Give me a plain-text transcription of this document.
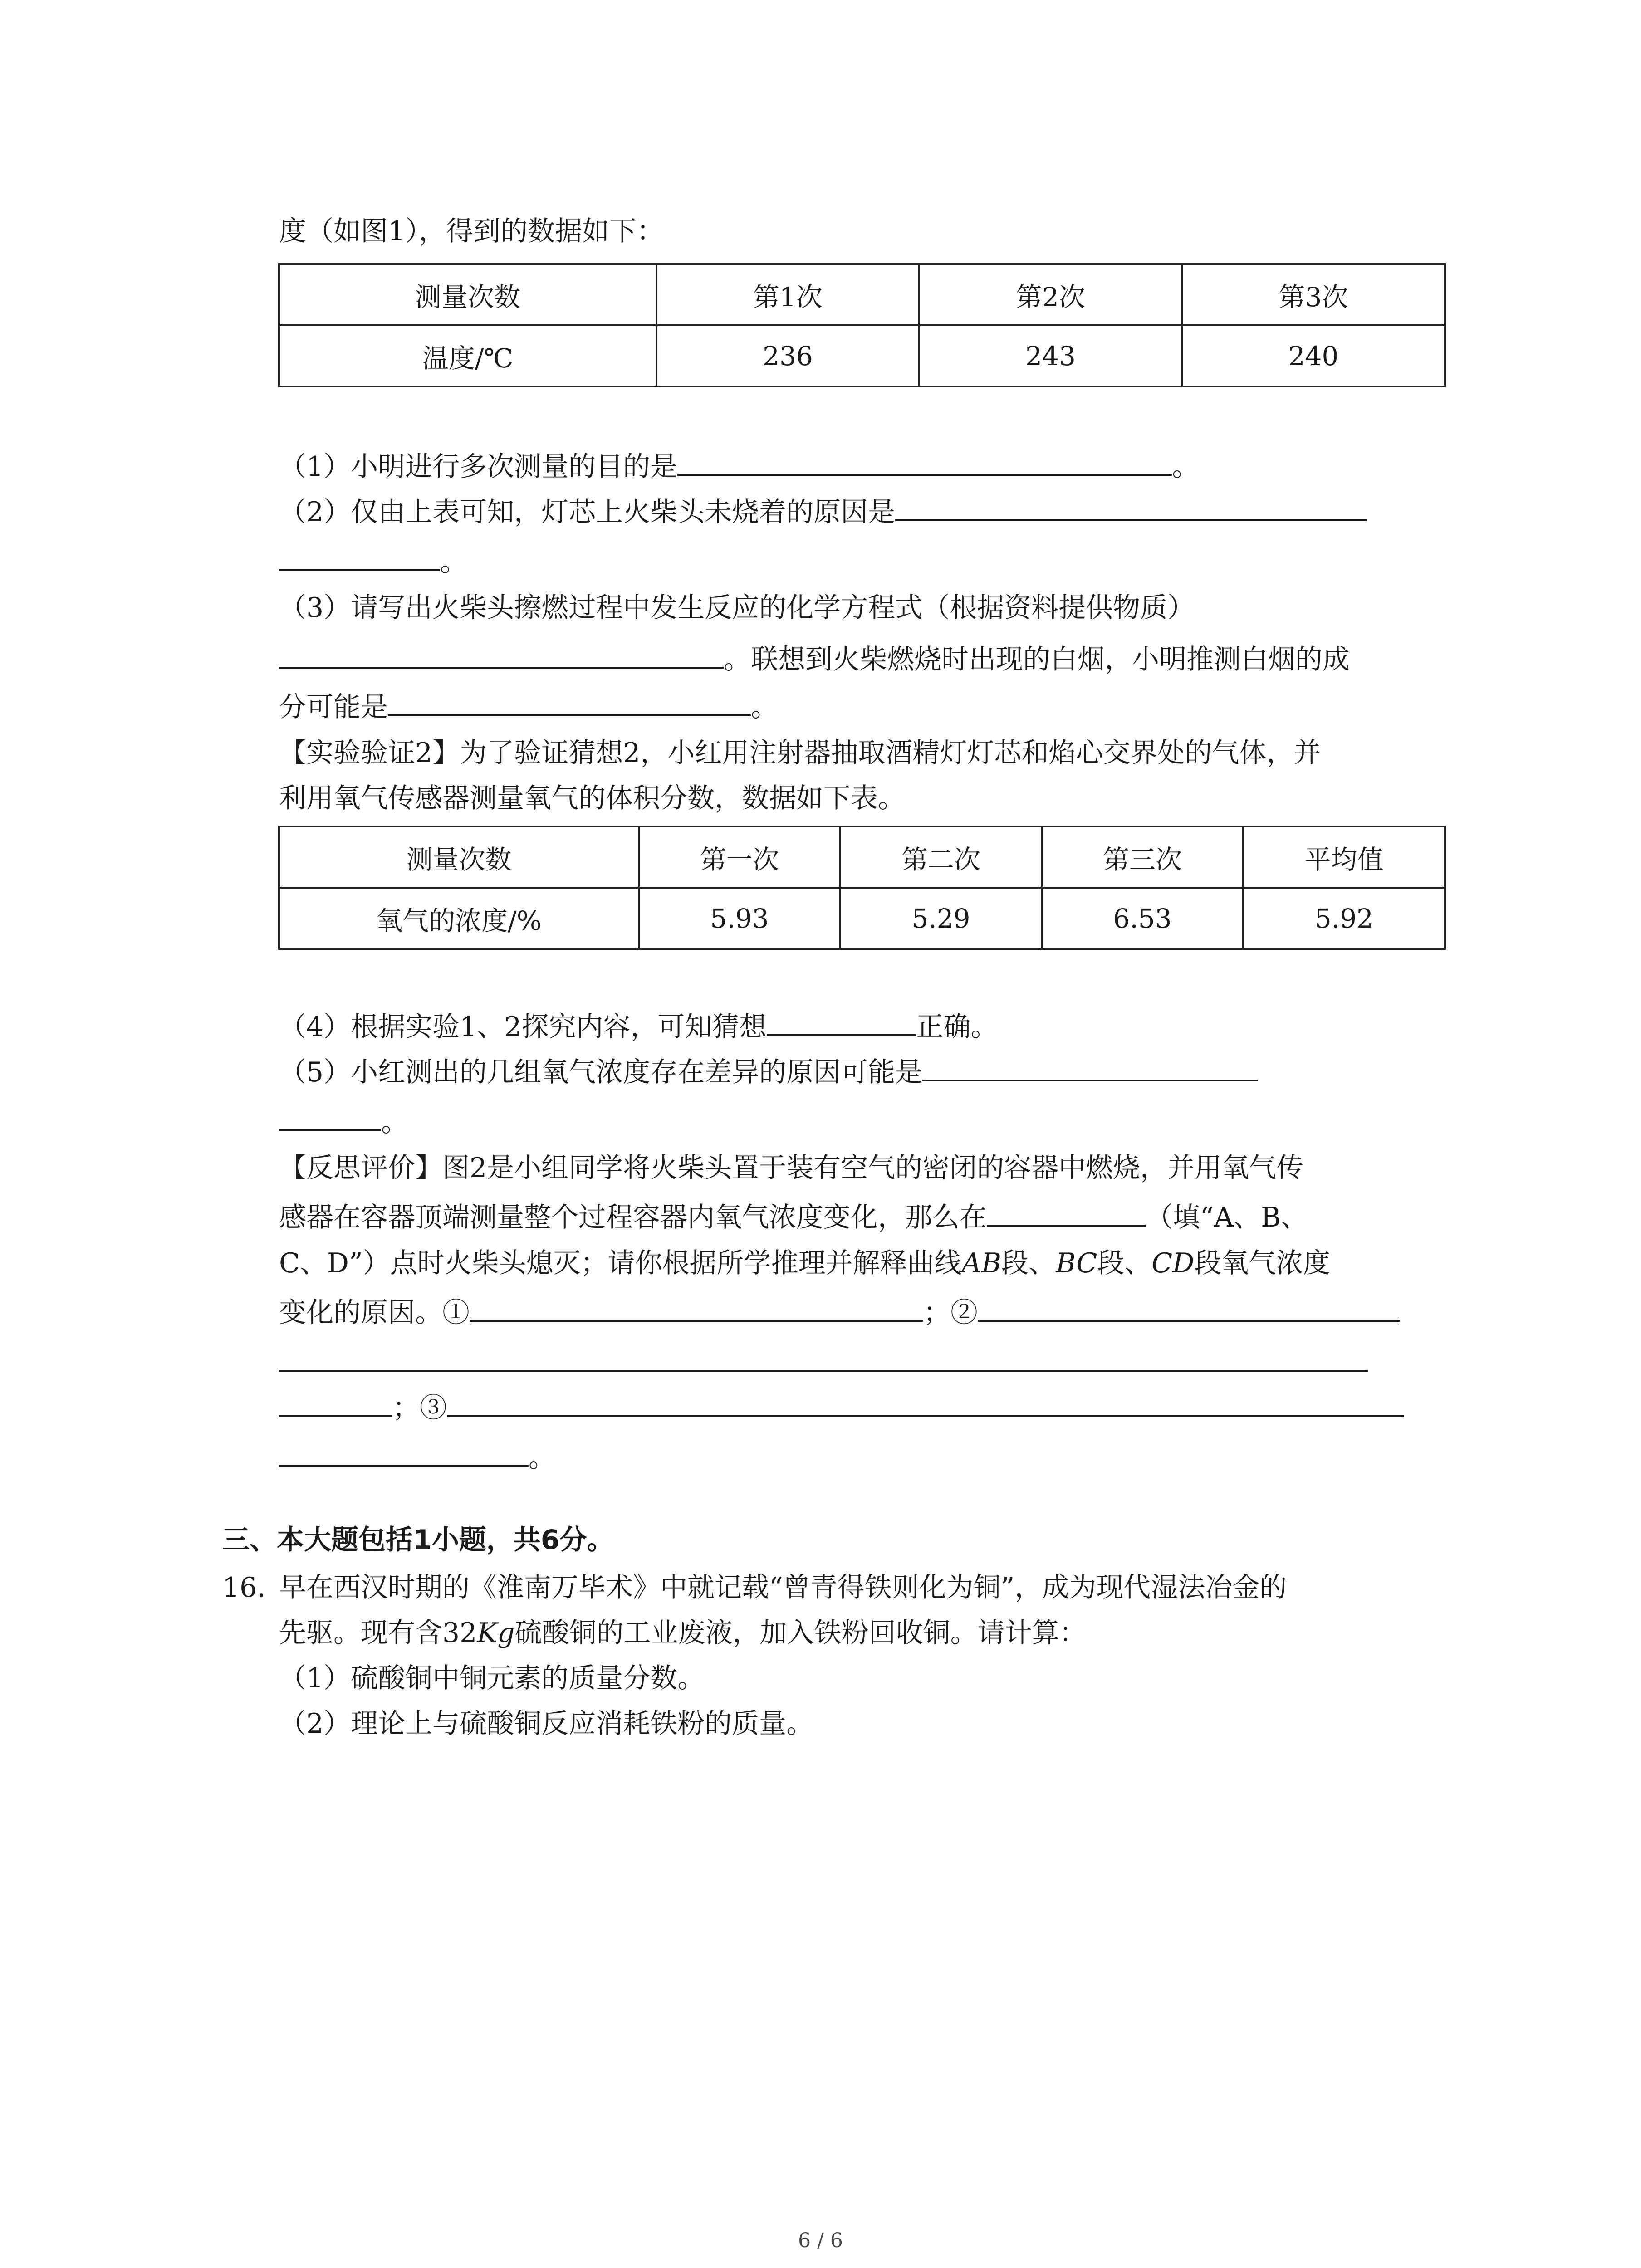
度（如图1），得到的数据如下：
测量次数	第1次	第2次	第3次
温度/℃	236	243	240
（1）小明进行多次测量的目的是	。
（2）仅由上表可知，灯芯上火柴头未烧着的原因是
。
（3）请写出火柴头擦燃过程中发生反应的化学方程式（根据资料提供物质）
。联想到火柴燃烧时出现的白烟，小明推测白烟的成
分可能是	。
【实验验证2】为了验证猜想2，小红用注射器抽取酒精灯灯芯和焰心交界处的气体，并
利用氧气传感器测量氧气的体积分数，数据如下表。
测量次数	第一次	第二次	第三次	平均值
氧气的浓度/%	5.93	5.29	6.53	5.92
（4）根据实验1、2探究内容，可知猜想	正确。
（5）小红测出的几组氧气浓度存在差异的原因可能是
。
【反思评价】图2是小组同学将火柴头置于装有空气的密闭的容器中燃烧，并用氧气传
感器在容器顶端测量整个过程容器内氧气浓度变化，那么在	（填“A、B、
C、D”）点时火柴头熄灭；请你根据所学推理并解释曲线AB段、BC段、CD段氧气浓度
变化的原因。①	；②
；③
。
三、本大题包括1小题，共6分。
16. 早在西汉时期的《淮南万毕术》中就记载“曾青得铁则化为铜”，成为现代湿法冶金的
先驱。现有含32Kg硫酸铜的工业废液，加入铁粉回收铜。请计算：
（1）硫酸铜中铜元素的质量分数。
（2）理论上与硫酸铜反应消耗铁粉的质量。
6 / 6
